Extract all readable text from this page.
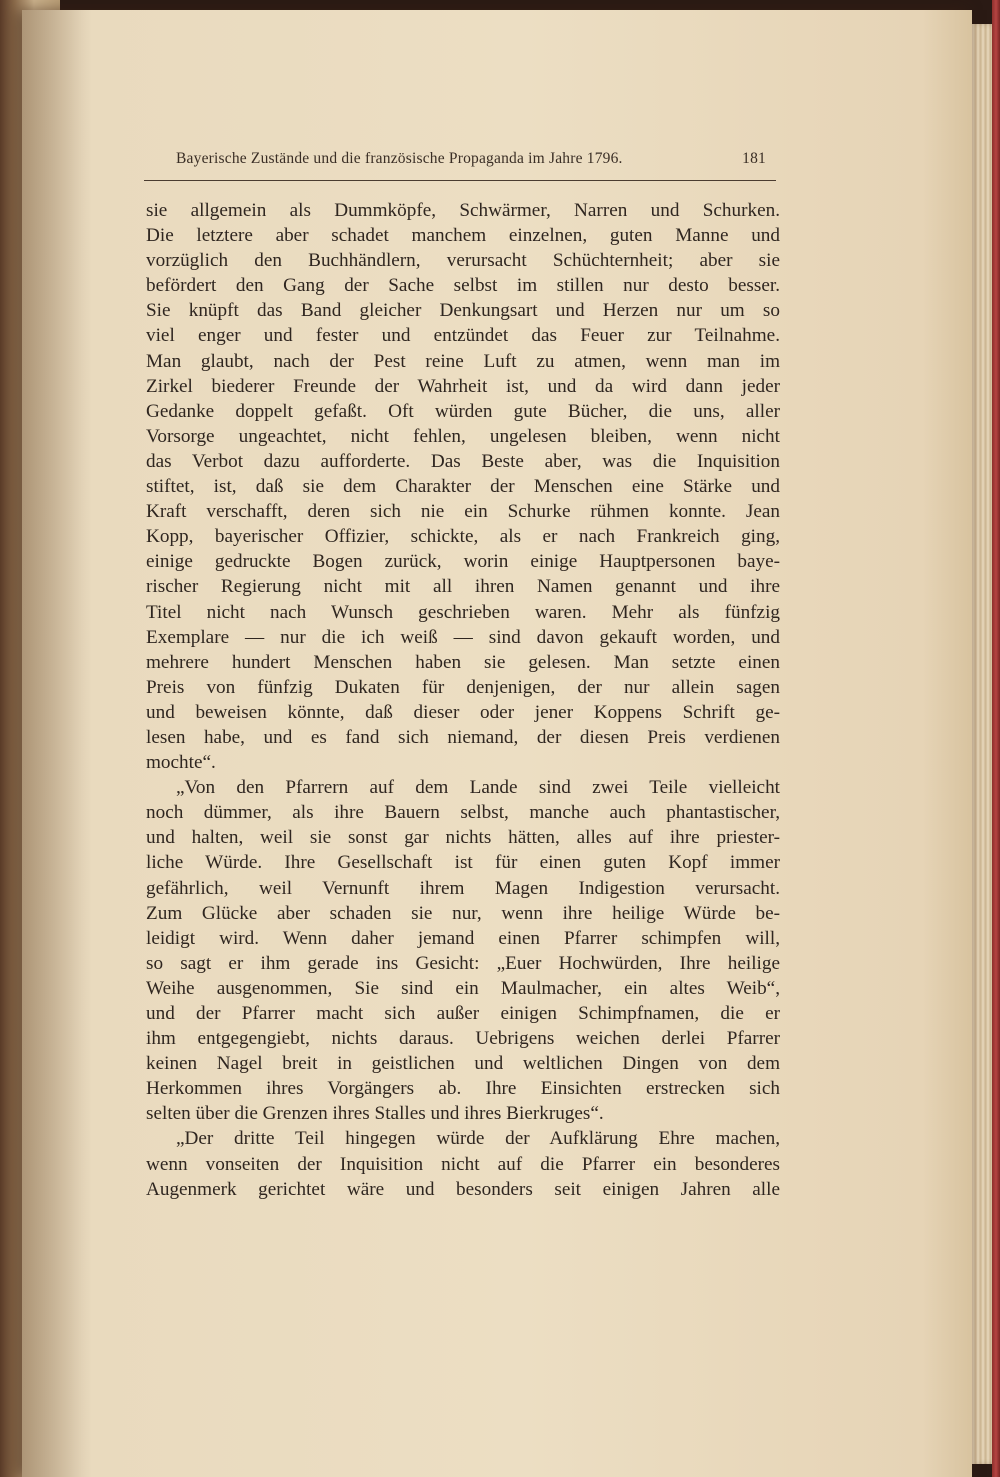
Bayerische Zustände und die französische Propaganda im Jahre 1796.	181
sie allgemein als Dummköpfe, Schwärmer, Narren und Schurken.
Die letztere aber schadet manchem einzelnen, guten Manne und
vorzüglich den Buchhändlern, verursacht Schüchternheit; aber sie
befördert den Gang der Sache selbst im stillen nur desto besser.
Sie knüpft das Band gleicher Denkungsart und Herzen nur um so
viel enger und fester und entzündet das Feuer zur Teilnahme.
Man glaubt, nach der Pest reine Luft zu atmen, wenn man im
Zirkel biederer Freunde der Wahrheit ist, und da wird dann jeder
Gedanke doppelt gefaßt. Oft würden gute Bücher, die uns, aller
Vorsorge ungeachtet, nicht fehlen, ungelesen bleiben, wenn nicht
das Verbot dazu aufforderte. Das Beste aber, was die Inquisition
stiftet, ist, daß sie dem Charakter der Menschen eine Stärke und
Kraft verschafft, deren sich nie ein Schurke rühmen konnte. Jean
Kopp, bayerischer Offizier, schickte, als er nach Frankreich ging,
einige gedruckte Bogen zurück, worin einige Hauptpersonen baye-
rischer Regierung nicht mit all ihren Namen genannt und ihre
Titel nicht nach Wunsch geschrieben waren. Mehr als fünfzig
Exemplare — nur die ich weiß — sind davon gekauft worden, und
mehrere hundert Menschen haben sie gelesen. Man setzte einen
Preis von fünfzig Dukaten für denjenigen, der nur allein sagen
und beweisen könnte, daß dieser oder jener Koppens Schrift ge-
lesen habe, und es fand sich niemand, der diesen Preis verdienen
mochte“.
„Von den Pfarrern auf dem Lande sind zwei Teile vielleicht
noch dümmer, als ihre Bauern selbst, manche auch phantastischer,
und halten, weil sie sonst gar nichts hätten, alles auf ihre priester-
liche Würde. Ihre Gesellschaft ist für einen guten Kopf immer
gefährlich, weil Vernunft ihrem Magen Indigestion verursacht.
Zum Glücke aber schaden sie nur, wenn ihre heilige Würde be-
leidigt wird. Wenn daher jemand einen Pfarrer schimpfen will,
so sagt er ihm gerade ins Gesicht: „Euer Hochwürden, Ihre heilige
Weihe ausgenommen, Sie sind ein Maulmacher, ein altes Weib“,
und der Pfarrer macht sich außer einigen Schimpfnamen, die er
ihm entgegengiebt, nichts daraus. Uebrigens weichen derlei Pfarrer
keinen Nagel breit in geistlichen und weltlichen Dingen von dem
Herkommen ihres Vorgängers ab. Ihre Einsichten erstrecken sich
selten über die Grenzen ihres Stalles und ihres Bierkruges“.
„Der dritte Teil hingegen würde der Aufklärung Ehre machen,
wenn vonseiten der Inquisition nicht auf die Pfarrer ein besonderes
Augenmerk gerichtet wäre und besonders seit einigen Jahren alle
